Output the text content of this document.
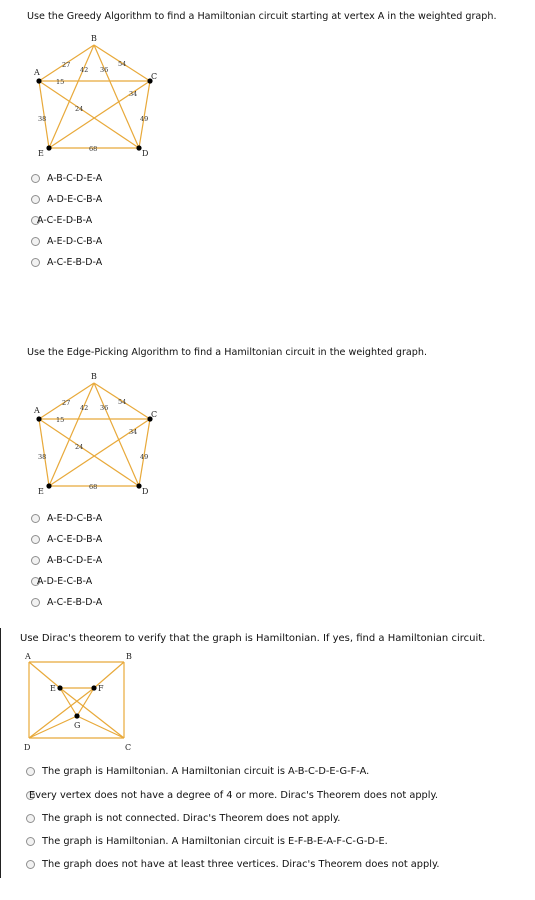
Use the Greedy Algorithm to find a Hamiltonian circuit starting at vertex A in the weighted graph.
A
B
C
D
E
27
42 36
54
15
34
24
38	49
68
A-B-C-D-E-A
A-D-E-C-B-A
A-C-E-D-B-A
A-E-D-C-B-A
A-C-E-B-D-A
Use the Edge-Picking Algorithm to find a Hamiltonian circuit in the weighted graph.
A
B
C
D
E
27
42 36
54
15
34
24
38	49
68
A-E-D-C-B-A
A-C-E-D-B-A
A-B-C-D-E-A
A-D-E-C-B-A
A-C-E-B-D-A
Use Dirac's theorem to verify that the graph is Hamiltonian. If yes, find a Hamiltonian circuit.
A	B
E	F
G
D	C
The graph is Hamiltonian. A Hamiltonian circuit is A-B-C-D-E-G-F-A.
Every vertex does not have a degree of 4 or more. Dirac's Theorem does not apply.
The graph is not connected. Dirac's Theorem does not apply.
The graph is Hamiltonian. A Hamiltonian circuit is E-F-B-E-A-F-C-G-D-E.
The graph does not have at least three vertices. Dirac's Theorem does not apply.
